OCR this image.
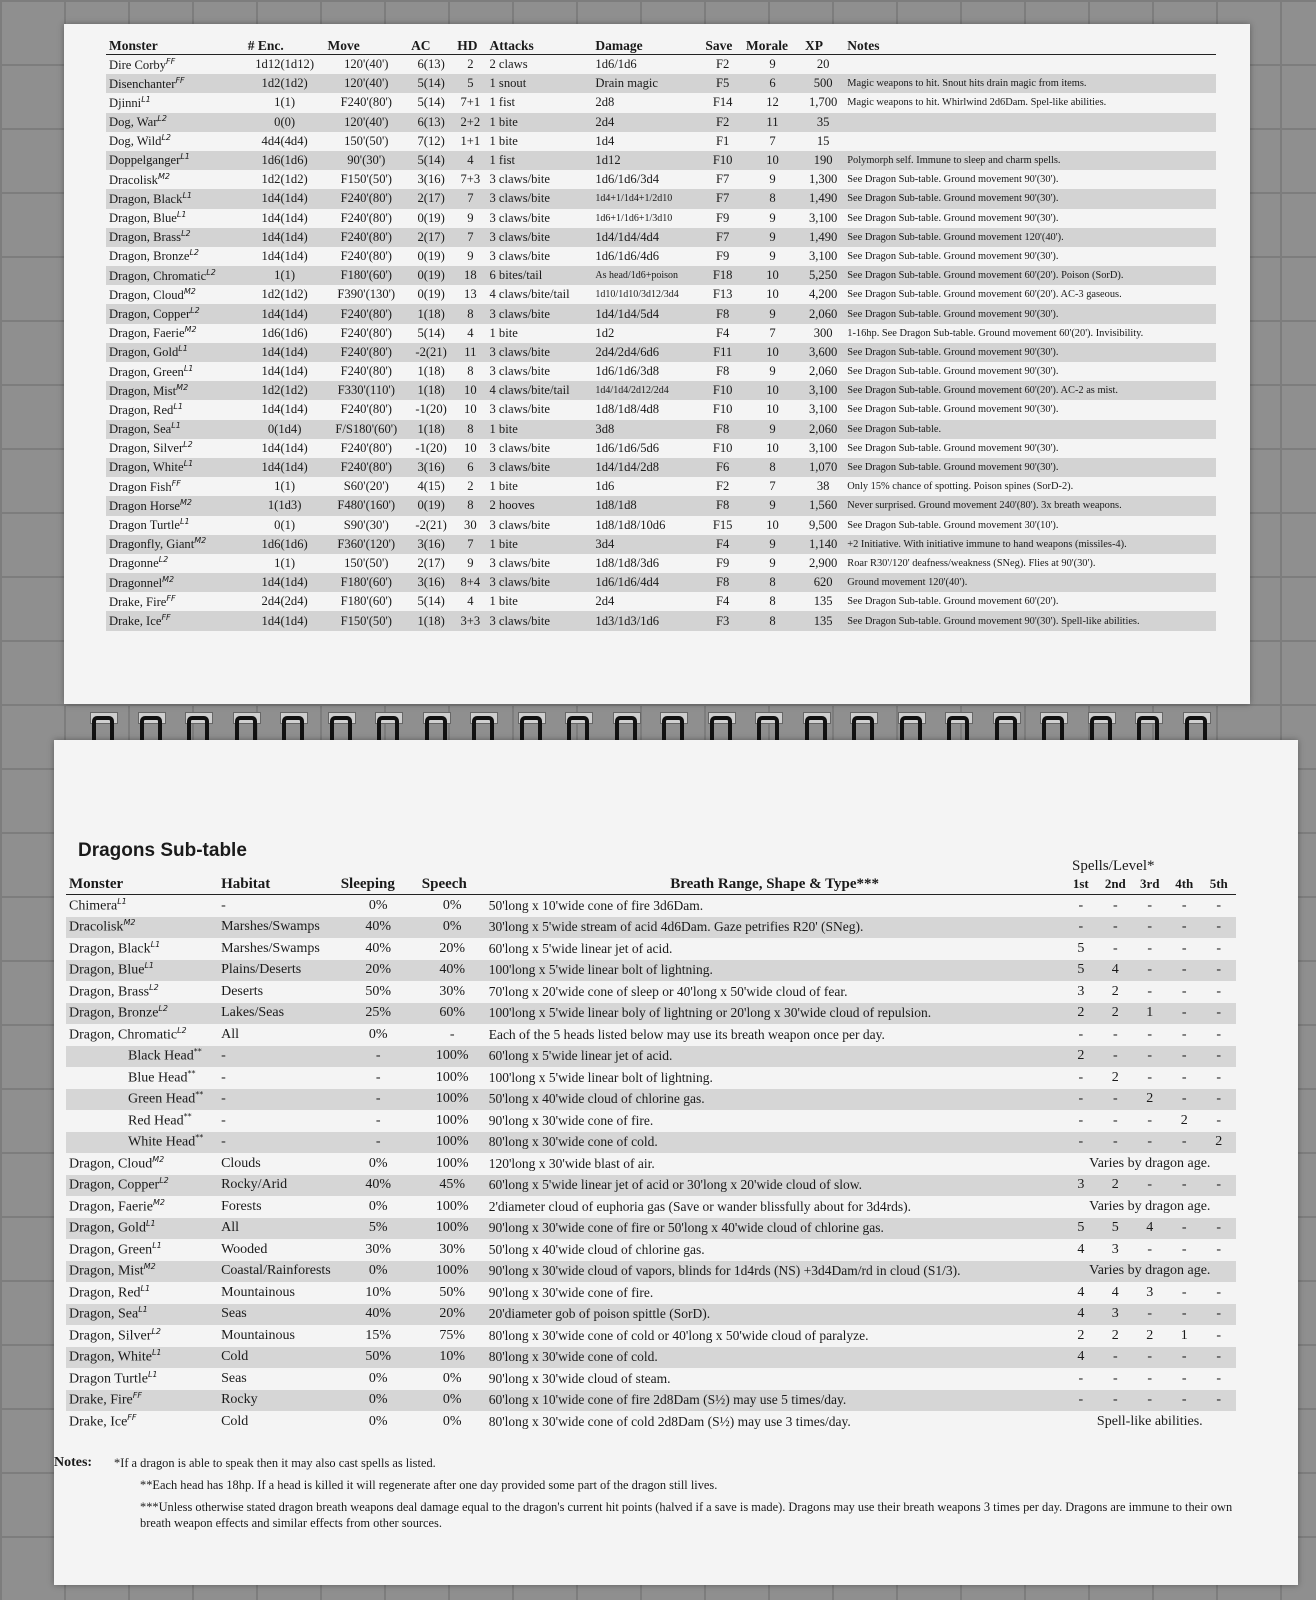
Monster	# Enc.	Move	AC	HD	Attacks	Damage	Save	Morale	XP	Notes
Dire Corby$^{FF}$	1d12(1d12)	120'(40')	6(13)	2	2 claws	1d6/1d6	F2	9	20	
Disenchanter$^{FF}$	1d2(1d2)	120'(40')	5(14)	5	1 snout	Drain magic	F5	6	500	Magic weapons to hit. Snout hits drain magic from items.
Djinni$^{L1}$	1(1)	F240'(80')	5(14)	7+1	1 fist	2d8	F14	12	1,700	Magic weapons to hit. Whirlwind 2d6Dam. Spel-like abilities.
Dog, War$^{L2}$	0(0)	120'(40')	6(13)	2+2	1 bite	2d4	F2	11	35	
Dog, Wild$^{L2}$	4d4(4d4)	150'(50')	7(12)	1+1	1 bite	1d4	F1	7	15	
Doppelganger$^{L1}$	1d6(1d6)	90'(30')	5(14)	4	1 fist	1d12	F10	10	190	Polymorph self. Immune to sleep and charm spells.
Dracolisk$^{M2}$	1d2(1d2)	F150'(50')	3(16)	7+3	3 claws/bite	1d6/1d6/3d4	F7	9	1,300	See Dragon Sub-table. Ground movement 90'(30').
Dragon, Black$^{L1}$	1d4(1d4)	F240'(80')	2(17)	7	3 claws/bite	1d4+1/1d4+1/2d10	F7	8	1,490	See Dragon Sub-table. Ground movement 90'(30').
Dragon, Blue$^{L1}$	1d4(1d4)	F240'(80')	0(19)	9	3 claws/bite	1d6+1/1d6+1/3d10	F9	9	3,100	See Dragon Sub-table. Ground movement 90'(30').
Dragon, Brass$^{L2}$	1d4(1d4)	F240'(80')	2(17)	7	3 claws/bite	1d4/1d4/4d4	F7	9	1,490	See Dragon Sub-table. Ground movement 120'(40').
Dragon, Bronze$^{L2}$	1d4(1d4)	F240'(80')	0(19)	9	3 claws/bite	1d6/1d6/4d6	F9	9	3,100	See Dragon Sub-table. Ground movement 90'(30').
Dragon, Chromatic$^{L2}$	1(1)	F180'(60')	0(19)	18	6 bites/tail	As head/1d6+poison	F18	10	5,250	See Dragon Sub-table. Ground movement 60'(20'). Poison (SorD).
Dragon, Cloud$^{M2}$	1d2(1d2)	F390'(130')	0(19)	13	4 claws/bite/tail	1d10/1d10/3d12/3d4	F13	10	4,200	See Dragon Sub-table. Ground movement 60'(20'). AC-3 gaseous.
Dragon, Copper$^{L2}$	1d4(1d4)	F240'(80')	1(18)	8	3 claws/bite	1d4/1d4/5d4	F8	9	2,060	See Dragon Sub-table. Ground movement 90'(30').
Dragon, Faerie$^{M2}$	1d6(1d6)	F240'(80')	5(14)	4	1 bite	1d2	F4	7	300	1-16hp. See Dragon Sub-table. Ground movement 60'(20'). Invisibility.
Dragon, Gold$^{L1}$	1d4(1d4)	F240'(80')	-2(21)	11	3 claws/bite	2d4/2d4/6d6	F11	10	3,600	See Dragon Sub-table. Ground movement 90'(30').
Dragon, Green$^{L1}$	1d4(1d4)	F240'(80')	1(18)	8	3 claws/bite	1d6/1d6/3d8	F8	9	2,060	See Dragon Sub-table. Ground movement 90'(30').
Dragon, Mist$^{M2}$	1d2(1d2)	F330'(110')	1(18)	10	4 claws/bite/tail	1d4/1d4/2d12/2d4	F10	10	3,100	See Dragon Sub-table. Ground movement 60'(20'). AC-2 as mist.
Dragon, Red$^{L1}$	1d4(1d4)	F240'(80')	-1(20)	10	3 claws/bite	1d8/1d8/4d8	F10	10	3,100	See Dragon Sub-table. Ground movement 90'(30').
Dragon, Sea$^{L1}$	0(1d4)	F/S180'(60')	1(18)	8	1 bite	3d8	F8	9	2,060	See Dragon Sub-table.
Dragon, Silver$^{L2}$	1d4(1d4)	F240'(80')	-1(20)	10	3 claws/bite	1d6/1d6/5d6	F10	10	3,100	See Dragon Sub-table. Ground movement 90'(30').
Dragon, White$^{L1}$	1d4(1d4)	F240'(80')	3(16)	6	3 claws/bite	1d4/1d4/2d8	F6	8	1,070	See Dragon Sub-table. Ground movement 90'(30').
Dragon Fish$^{FF}$	1(1)	S60'(20')	4(15)	2	1 bite	1d6	F2	7	38	Only 15% chance of spotting. Poison spines (SorD-2).
Dragon Horse$^{M2}$	1(1d3)	F480'(160')	0(19)	8	2 hooves	1d8/1d8	F8	9	1,560	Never surprised. Ground movement 240'(80'). 3x breath weapons.
Dragon Turtle$^{L1}$	0(1)	S90'(30')	-2(21)	30	3 claws/bite	1d8/1d8/10d6	F15	10	9,500	See Dragon Sub-table. Ground movement 30'(10').
Dragonfly, Giant$^{M2}$	1d6(1d6)	F360'(120')	3(16)	7	1 bite	3d4	F4	9	1,140	+2 Initiative. With initiative immune to hand weapons (missiles-4).
Dragonne$^{L2}$	1(1)	150'(50')	2(17)	9	3 claws/bite	1d8/1d8/3d6	F9	9	2,900	Roar R30'/120' deafness/weakness (SNeg). Flies at 90'(30').
Dragonnel$^{M2}$	1d4(1d4)	F180'(60')	3(16)	8+4	3 claws/bite	1d6/1d6/4d4	F8	8	620	Ground movement 120'(40').
Drake, Fire$^{FF}$	2d4(2d4)	F180'(60')	5(14)	4	1 bite	2d4	F4	8	135	See Dragon Sub-table. Ground movement 60'(20').
Drake, Ice$^{FF}$	1d4(1d4)	F150'(50')	1(18)	3+3	3 claws/bite	1d3/1d3/1d6	F3	8	135	See Dragon Sub-table. Ground movement 90'(30'). Spell-like abilities.
Dragons Sub-table
Spells/Level*
Monster	Habitat	Sleeping	Speech	Breath Range, Shape & Type***	1st	2nd	3rd	4th	5th
Chimera$^{L1}$	-	0%	0%	50'long x 10'wide cone of fire 3d6Dam.	-	-	-	-	-
Dracolisk$^{M2}$	Marshes/Swamps	40%	0%	30'long x 5'wide stream of acid 4d6Dam. Gaze petrifies R20' (SNeg).	-	-	-	-	-
Dragon, Black$^{L1}$	Marshes/Swamps	40%	20%	60'long x 5'wide linear jet of acid.	5	-	-	-	-
Dragon, Blue$^{L1}$	Plains/Deserts	20%	40%	100'long x 5'wide linear bolt of lightning.	5	4	-	-	-
Dragon, Brass$^{L2}$	Deserts	50%	30%	70'long x 20'wide cone of sleep or 40'long x 50'wide cloud of fear.	3	2	-	-	-
Dragon, Bronze$^{L2}$	Lakes/Seas	25%	60%	100'long x 5'wide linear boly of lightning or 20'long x 30'wide cloud of repulsion.	2	2	1	-	-
Dragon, Chromatic$^{L2}$	All	0%	-	Each of the 5 heads listed below may use its breath weapon once per day.	-	-	-	-	-
Black Head**	-	-	100%	60'long x 5'wide linear jet of acid.	2	-	-	-	-
Blue Head**	-	-	100%	100'long x 5'wide linear bolt of lightning.	-	2	-	-	-
Green Head**	-	-	100%	50'long x 40'wide cloud of chlorine gas.	-	-	2	-	-
Red Head**	-	-	100%	90'long x 30'wide cone of fire.	-	-	-	2	-
White Head**	-	-	100%	80'long x 30'wide cone of cold.	-	-	-	-	2
Dragon, Cloud$^{M2}$	Clouds	0%	100%	120'long x 30'wide blast of air.	Varies by dragon age.				
Dragon, Copper$^{L2}$	Rocky/Arid	40%	45%	60'long x 5'wide linear jet of acid or 30'long x 20'wide cloud of slow.	3	2	-	-	-
Dragon, Faerie$^{M2}$	Forests	0%	100%	2'diameter cloud of euphoria gas (Save or wander blissfully about for 3d4rds).	Varies by dragon age.				
Dragon, Gold$^{L1}$	All	5%	100%	90'long x 30'wide cone of fire or 50'long x 40'wide cloud of chlorine gas.	5	5	4	-	-
Dragon, Green$^{L1}$	Wooded	30%	30%	50'long x 40'wide cloud of chlorine gas.	4	3	-	-	-
Dragon, Mist$^{M2}$	Coastal/Rainforests	0%	100%	90'long x 30'wide cloud of vapors, blinds for 1d4rds (NS) +3d4Dam/rd in cloud (S1/3).	Varies by dragon age.				
Dragon, Red$^{L1}$	Mountainous	10%	50%	90'long x 30'wide cone of fire.	4	4	3	-	-
Dragon, Sea$^{L1}$	Seas	40%	20%	20'diameter gob of poison spittle (SorD).	4	3	-	-	-
Dragon, Silver$^{L2}$	Mountainous	15%	75%	80'long x 30'wide cone of cold or 40'long x 50'wide cloud of paralyze.	2	2	2	1	-
Dragon, White$^{L1}$	Cold	50%	10%	80'long x 30'wide cone of cold.	4	-	-	-	-
Dragon Turtle$^{L1}$	Seas	0%	0%	90'long x 30'wide cloud of steam.	-	-	-	-	-
Drake, Fire$^{FF}$	Rocky	0%	0%	60'long x 10'wide cone of fire 2d8Dam (S½) may use 5 times/day.	-	-	-	-	-
Drake, Ice$^{FF}$	Cold	0%	0%	80'long x 30'wide cone of cold 2d8Dam (S½) may use 3 times/day.	Spell-like abilities.				
Notes: *If a dragon is able to speak then it may also cast spells as listed.
**Each head has 18hp. If a head is killed it will regenerate after one day provided some part of the dragon still lives.
***Unless otherwise stated dragon breath weapons deal damage equal to the dragon's current hit points (halved if a save is made). Dragons may use their breath weapons 3 times per day. Dragons are immune to their own breath weapon effects and similar effects from other sources.
